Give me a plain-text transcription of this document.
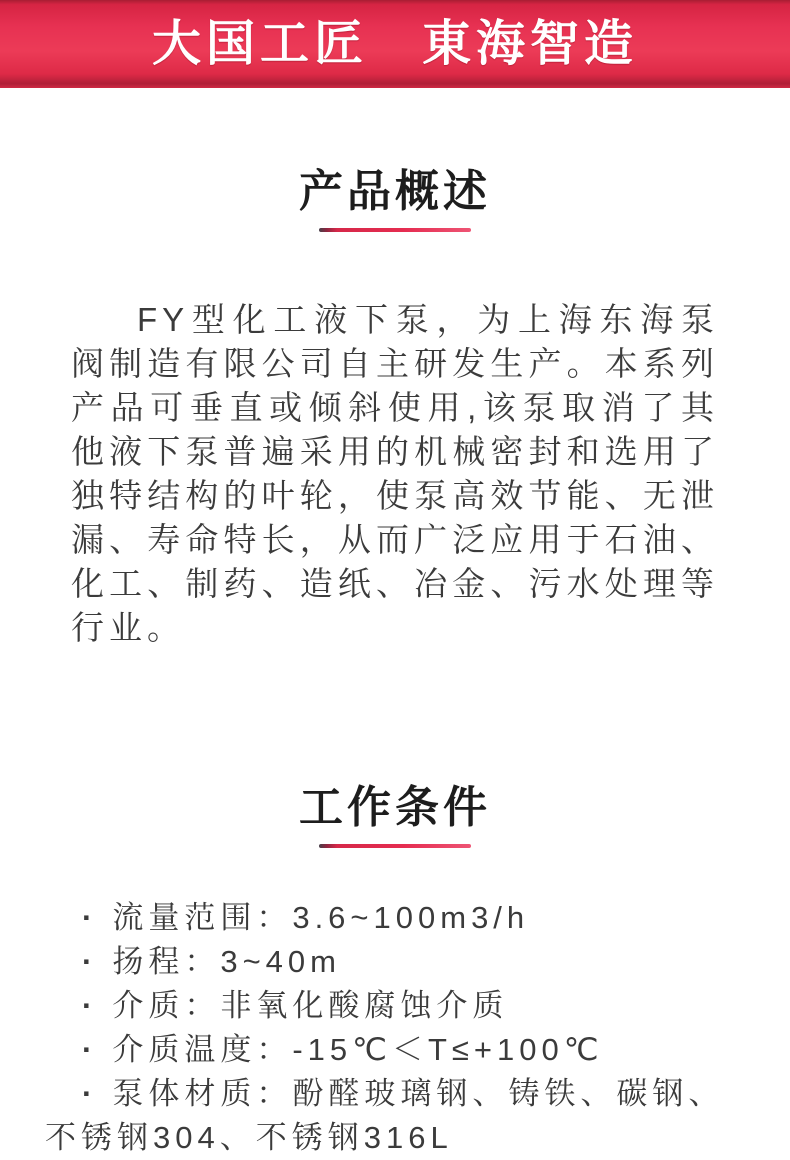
大国工匠　東海智造
产品概述

FY型化工液下泵，为上海东海泵阀制造有限公司自主研发生产。本系列产品可垂直或倾斜使用,该泵取消了其他液下泵普遍采用的机械密封和选用了独特结构的叶轮，使泵高效节能、无泄漏、寿命特长，从而广泛应用于石油、化工、制药、造纸、冶金、污水处理等行业。

工作条件
· 流量范围：3.6~100m3/h
· 扬程：3~40m
· 介质：非氧化酸腐蚀介质
· 介质温度：-15℃＜T≤+100℃
· 泵体材质：酚醛玻璃钢、铸铁、碳钢、不锈钢304、不锈钢316L
